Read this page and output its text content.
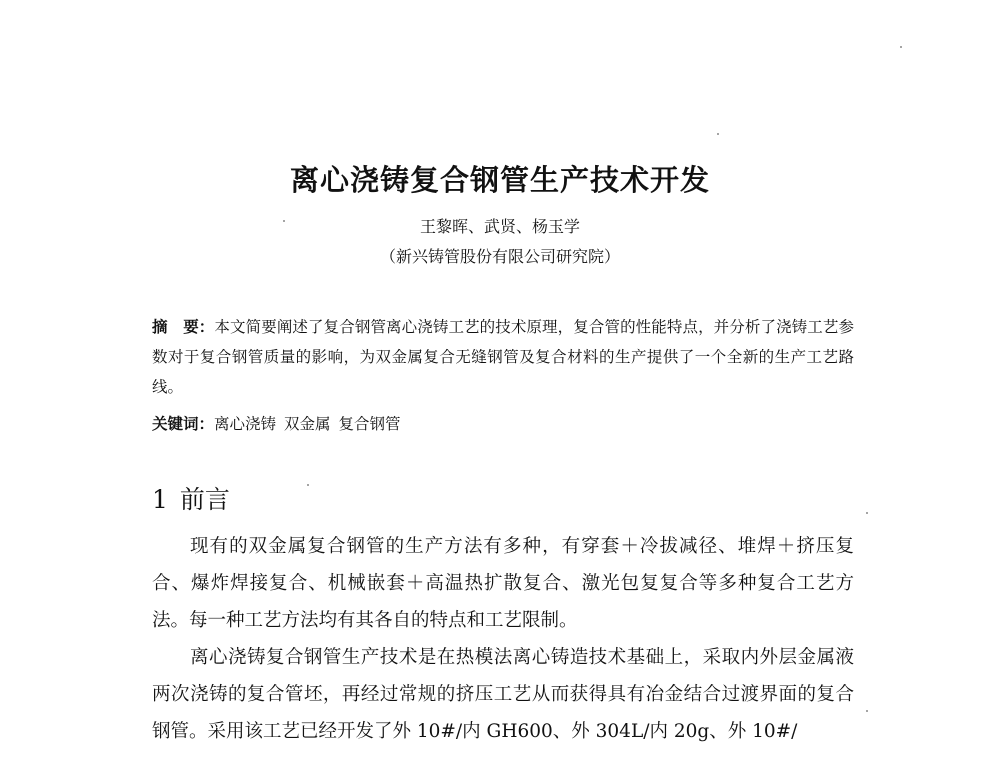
离心浇铸复合钢管生产技术开发
王黎晖、武贤、杨玉学
（新兴铸管股份有限公司研究院）
摘　要：本文简要阐述了复合钢管离心浇铸工艺的技术原理，复合管的性能特点，并分析了浇铸工艺参数对于复合钢管质量的影响，为双金属复合无缝钢管及复合材料的生产提供了一个全新的生产工艺路线。
关键词：离心浇铸 双金属 复合钢管
1 前言

现有的双金属复合钢管的生产方法有多种，有穿套＋冷拔减径、堆焊＋挤压复合、爆炸焊接复合、机械嵌套＋高温热扩散复合、激光包复复合等多种复合工艺方法。每一种工艺方法均有其各自的特点和工艺限制。

离心浇铸复合钢管生产技术是在热模法离心铸造技术基础上，采取内外层金属液两次浇铸的复合管坯，再经过常规的挤压工艺从而获得具有冶金结合过渡界面的复合钢管。采用该工艺已经开发了外 10#/内 GH600、外 304L/内 20g、外 10#/
